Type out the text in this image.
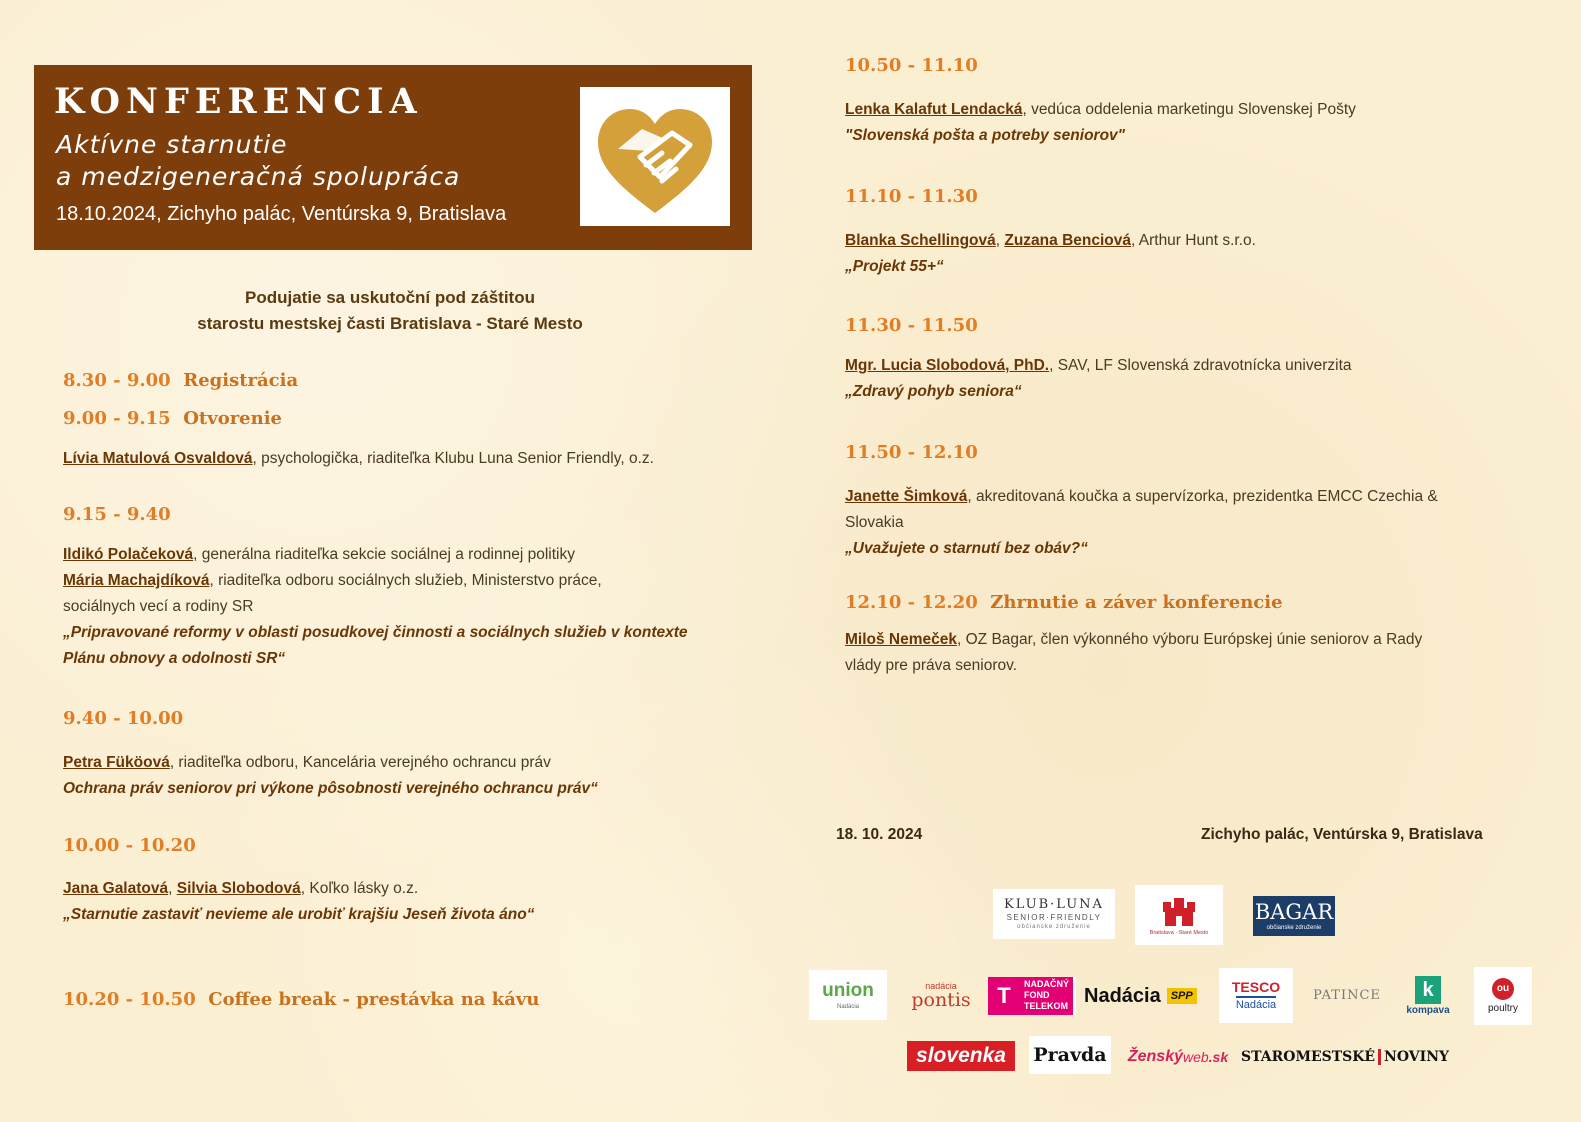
KONFERENCIA
Aktívne starnutie
a medzigeneračná spolupráca
18.10.2024, Zichyho palác, Ventúrska 9, Bratislava
Podujatie sa uskutoční pod záštitou
starostu mestskej časti Bratislava - Staré Mesto
8.30 - 9.00 Registrácia
9.00 - 9.15 Otvorenie
Lívia Matulová Osvaldová, psychologička, riaditeľka Klubu Luna Senior Friendly, o.z.
9.15 - 9.40
Ildikó Polačeková, generálna riaditeľka sekcie sociálnej a rodinnej politiky
Mária Machajdíková, riaditeľka odboru sociálnych služieb, Ministerstvo práce,
sociálnych vecí a rodiny SR
„Pripravované reformy v oblasti posudkovej činnosti a sociálnych služieb v kontexte
Plánu obnovy a odolnosti SR“
9.40 - 10.00
Petra Füköová, riaditeľka odboru, Kancelária verejného ochrancu práv
Ochrana práv seniorov pri výkone pôsobnosti verejného ochrancu práv“
10.00 - 10.20
Jana Galatová, Silvia Slobodová, Koľko lásky o.z.
„Starnutie zastaviť nevieme ale urobiť krajšiu Jeseň života áno“
10.20 - 10.50 Coffee break - prestávka na kávu
10.50 - 11.10
Lenka Kalafut Lendacká, vedúca oddelenia marketingu Slovenskej Pošty
"Slovenská pošta a potreby seniorov"
11.10 - 11.30
Blanka Schellingová, Zuzana Benciová, Arthur Hunt s.r.o.
„Projekt 55+“
11.30 - 11.50
Mgr. Lucia Slobodová, PhD., SAV, LF Slovenská zdravotnícka univerzita
„Zdravý pohyb seniora“
11.50 - 12.10
Janette Šimková, akreditovaná koučka a supervízorka, prezidentka EMCC Czechia &
Slovakia
„Uvažujete o starnutí bez obáv?“
12.10 - 12.20 Zhrnutie a záver konferencie
Miloš Nemeček, OZ Bagar, člen výkonného výboru Európskej únie seniorov a Rady
vlády pre práva seniorov.
18. 10. 2024	Zichyho palác, Ventúrska 9, Bratislava
KLUB·LUNA
SENIOR·FRIENDLY
občianske združenie
Bratislava · Staré Mesto
BAGAR
občianske združenie
union
Nadácia
nadácia
pontis	T	NADAČNÝ
FOND
TELEKOM Nadácia SPP
TESCO
Nadácia
PATINCE	k
kompava
ou
poultry
slovenka Pravda Ženský web .sk STAROMESTSKÉ NOVINY
